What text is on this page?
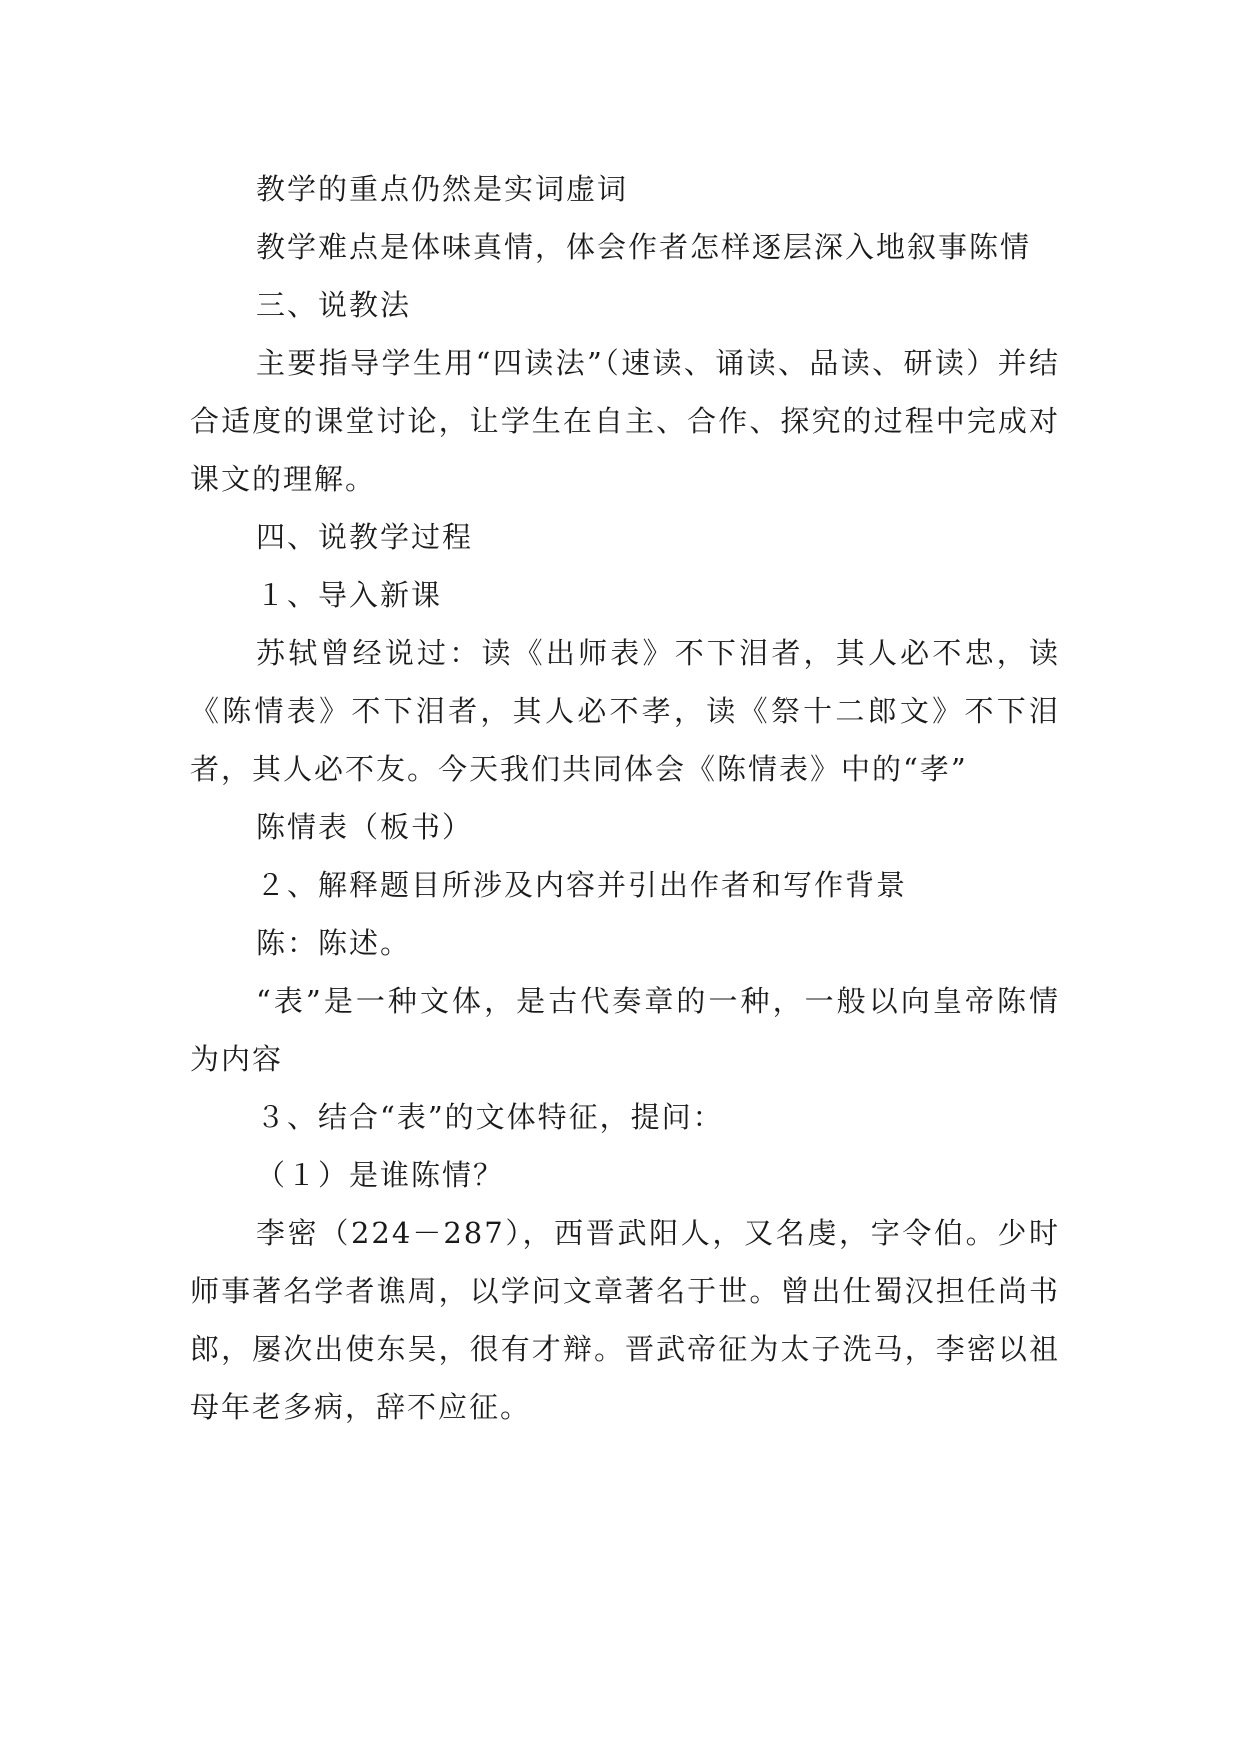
教学的重点仍然是实词虚词

教学难点是体味真情，体会作者怎样逐层深入地叙事陈情

三、说教法

主要指导学生用“四读法”（速读、诵读、品读、研读）并结合适度的课堂讨论，让学生在自主、合作、探究的过程中完成对课文的理解。

四、说教学过程

１、导入新课

苏轼曾经说过：读《出师表》不下泪者，其人必不忠，读《陈情表》不下泪者，其人必不孝，读《祭十二郎文》不下泪者，其人必不友。今天我们共同体会《陈情表》中的“孝”

陈情表（板书）

２、解释题目所涉及内容并引出作者和写作背景

陈：陈述。

“表”是一种文体，是古代奏章的一种，一般以向皇帝陈情为内容

３、结合“表”的文体特征，提问：

（１）是谁陈情？

李密（224－287），西晋武阳人，又名虔，字令伯。少时师事著名学者谯周，以学问文章著名于世。曾出仕蜀汉担任尚书郎，屡次出使东吴，很有才辩。晋武帝征为太子洗马，李密以祖母年老多病，辞不应征。
